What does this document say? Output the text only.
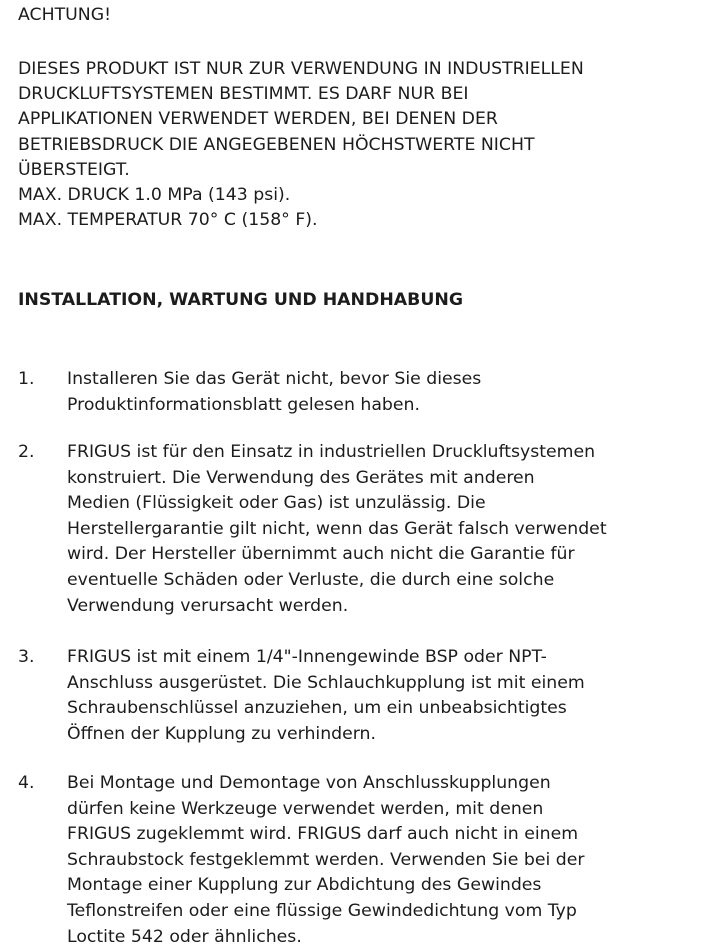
ACHTUNG!
DIESES PRODUKT IST NUR ZUR VERWENDUNG IN INDUSTRIELLEN
DRUCKLUFTSYSTEMEN BESTIMMT. ES DARF NUR BEI
APPLIKATIONEN VERWENDET WERDEN, BEI DENEN DER
BETRIEBSDRUCK DIE ANGEGEBENEN HÖCHSTWERTE NICHT
ÜBERSTEIGT.
MAX. DRUCK 1.0 MPa (143 psi).
MAX. TEMPERATUR 70° C (158° F).
INSTALLATION, WARTUNG UND HANDHABUNG
1. Installeren Sie das Gerät nicht, bevor Sie dieses
Produktinformationsblatt gelesen haben.
2. FRIGUS ist für den Einsatz in industriellen Druckluftsystemen
konstruiert. Die Verwendung des Gerätes mit anderen
Medien (Flüssigkeit oder Gas) ist unzulässig. Die
Herstellergarantie gilt nicht, wenn das Gerät falsch verwendet
wird. Der Hersteller übernimmt auch nicht die Garantie für
eventuelle Schäden oder Verluste, die durch eine solche
Verwendung verursacht werden.
3. FRIGUS ist mit einem 1/4"-Innengewinde BSP oder NPT-
Anschluss ausgerüstet. Die Schlauchkupplung ist mit einem
Schraubenschlüssel anzuziehen, um ein unbeabsichtigtes
Öffnen der Kupplung zu verhindern.
4. Bei Montage und Demontage von Anschlusskupplungen
dürfen keine Werkzeuge verwendet werden, mit denen
FRIGUS zugeklemmt wird. FRIGUS darf auch nicht in einem
Schraubstock festgeklemmt werden. Verwenden Sie bei der
Montage einer Kupplung zur Abdichtung des Gewindes
Teflonstreifen oder eine flüssige Gewindedichtung vom Typ
Loctite 542 oder ähnliches.
